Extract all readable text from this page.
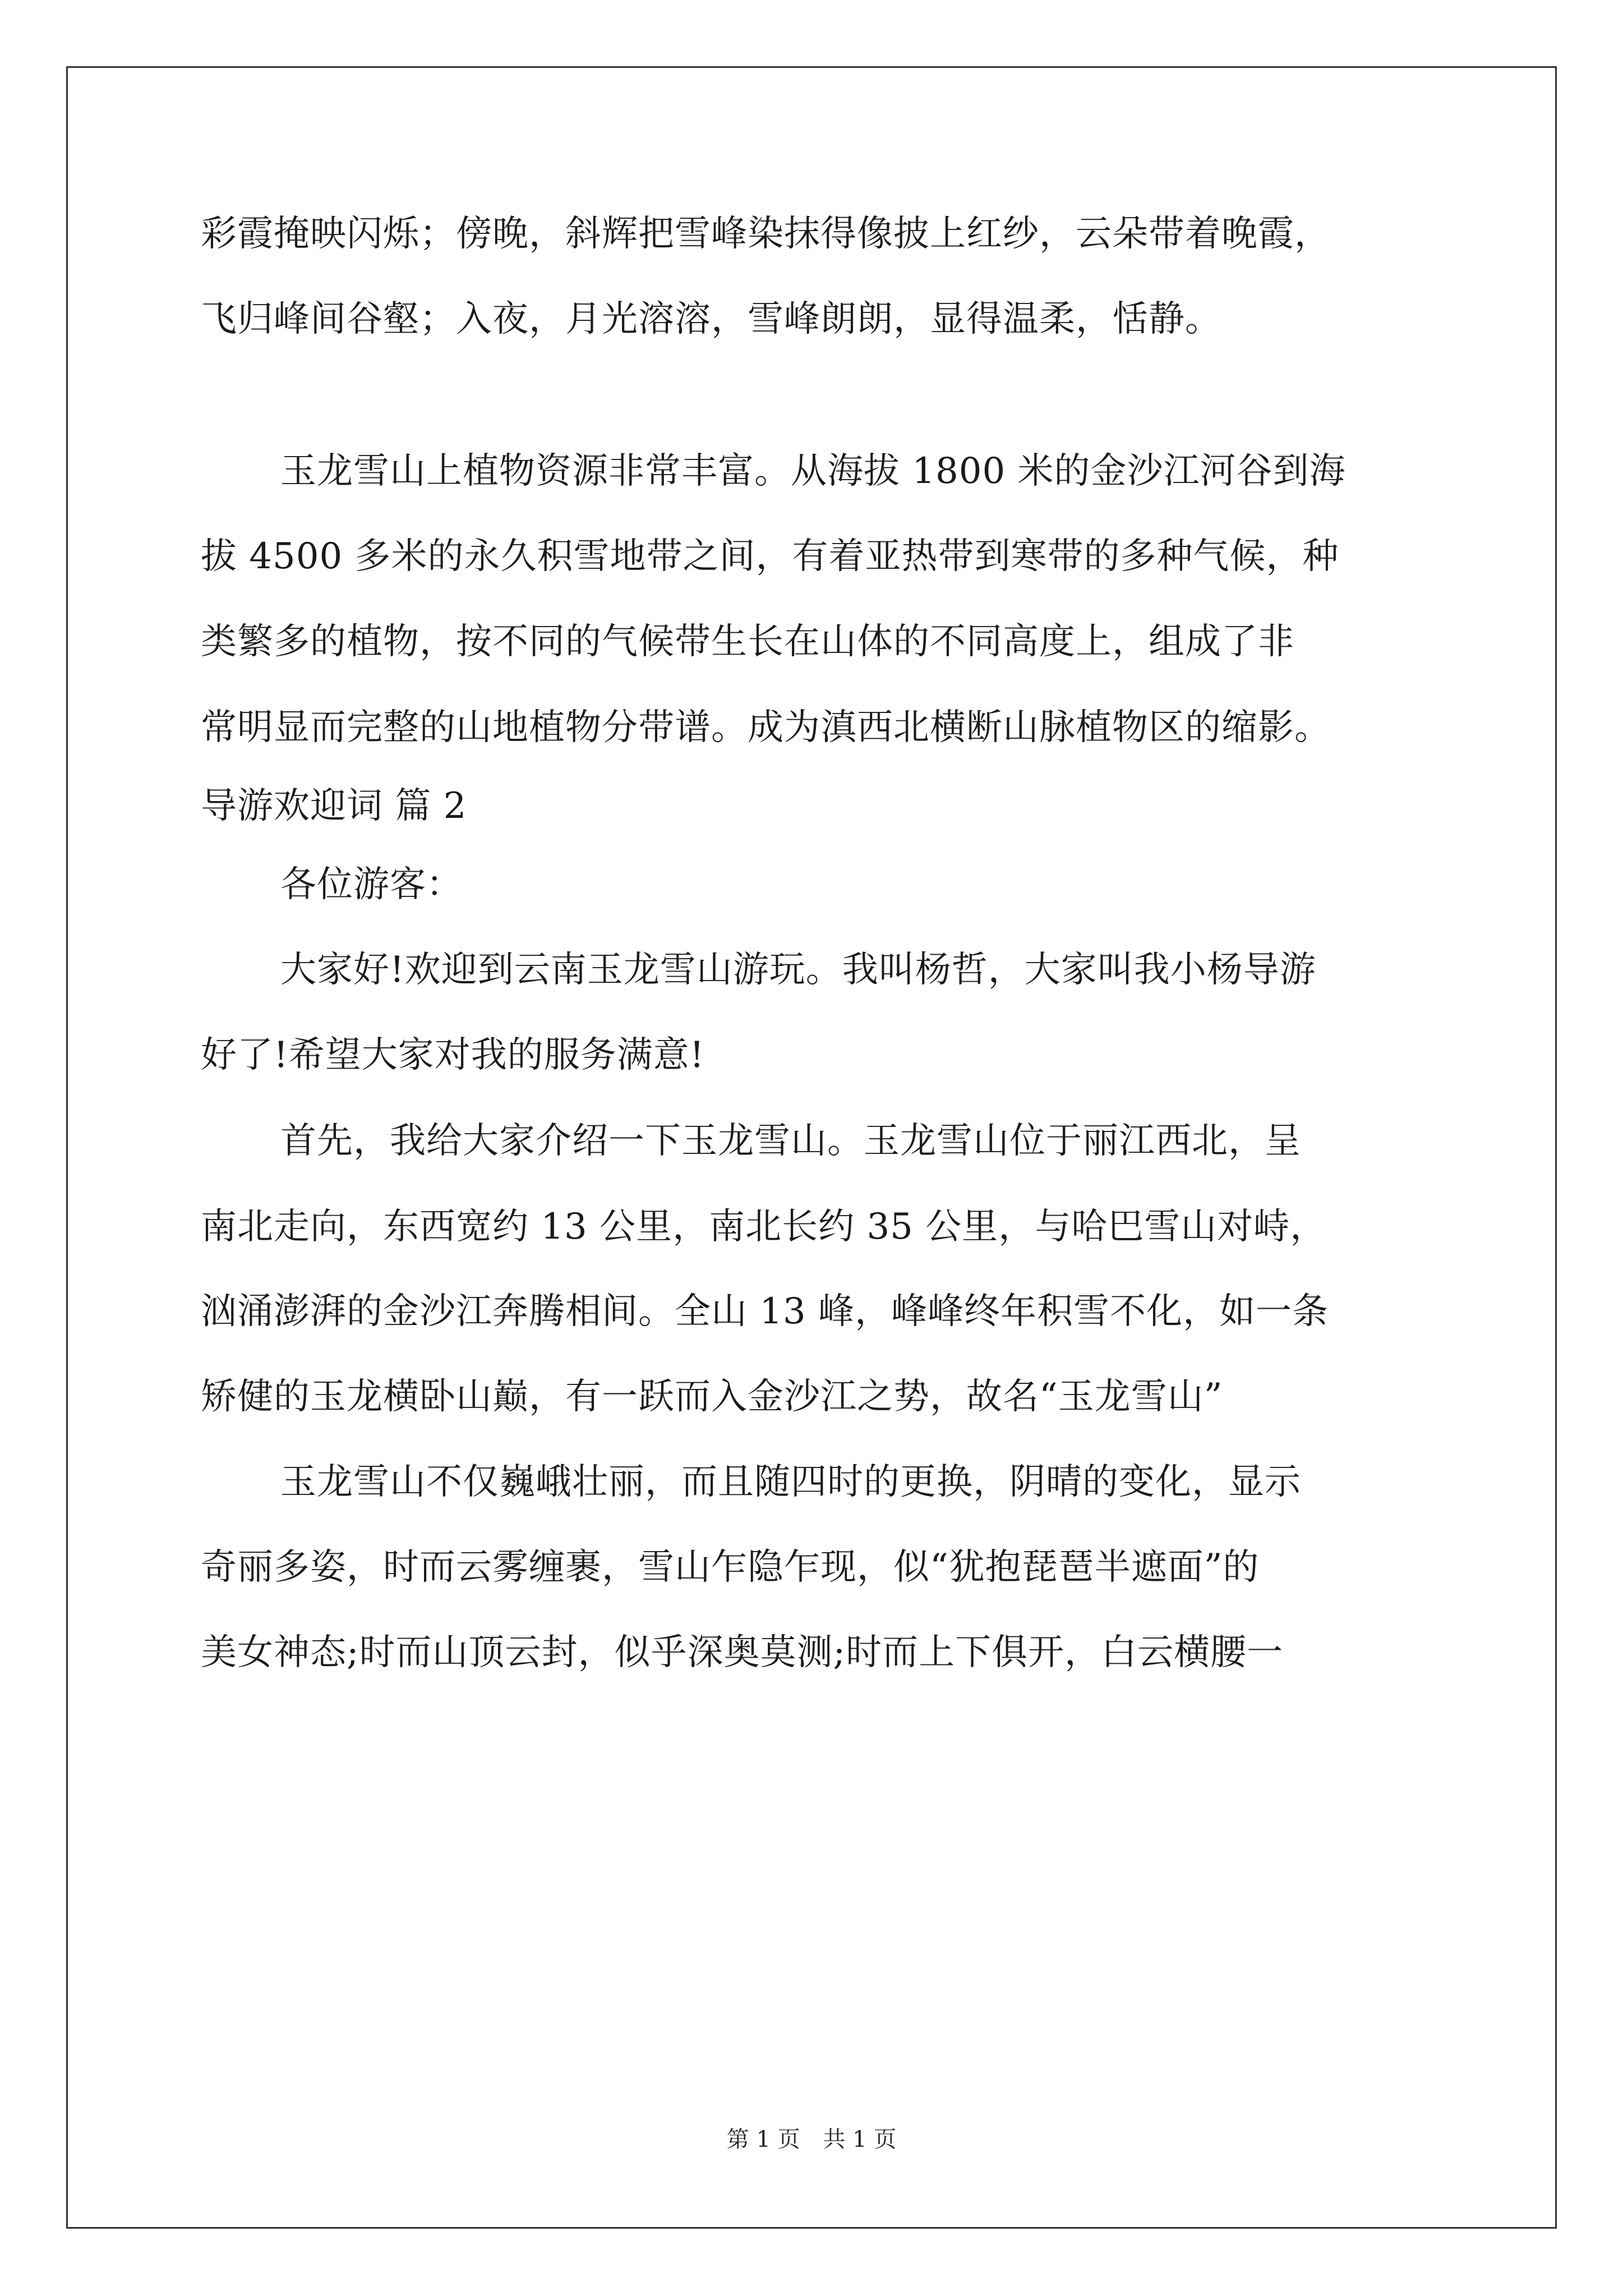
彩霞掩映闪烁；傍晚，斜辉把雪峰染抹得像披上红纱，云朵带着晚霞，
飞归峰间谷壑；入夜，月光溶溶，雪峰朗朗，显得温柔，恬静。
玉龙雪山上植物资源非常丰富。从海拔 1800 米的金沙江河谷到海
拔 4500 多米的永久积雪地带之间，有着亚热带到寒带的多种气候，种
类繁多的植物，按不同的气候带生长在山体的不同高度上，组成了非
常明显而完整的山地植物分带谱。成为滇西北横断山脉植物区的缩影。
导游欢迎词 篇 2
各位游客：
大家好!欢迎到云南玉龙雪山游玩。我叫杨哲，大家叫我小杨导游
好了!希望大家对我的服务满意!
首先，我给大家介绍一下玉龙雪山。玉龙雪山位于丽江西北，呈
南北走向，东西宽约 13 公里，南北长约 35 公里，与哈巴雪山对峙，
汹涌澎湃的金沙江奔腾相间。全山 13 峰，峰峰终年积雪不化，如一条
矫健的玉龙横卧山巅，有一跃而入金沙江之势，故名“玉龙雪山”
玉龙雪山不仅巍峨壮丽，而且随四时的更换，阴晴的变化，显示
奇丽多姿，时而云雾缠裹，雪山乍隐乍现，似“犹抱琵琶半遮面”的
美女神态;时而山顶云封，似乎深奥莫测;时而上下俱开，白云横腰一
第 1 页 共 1 页
